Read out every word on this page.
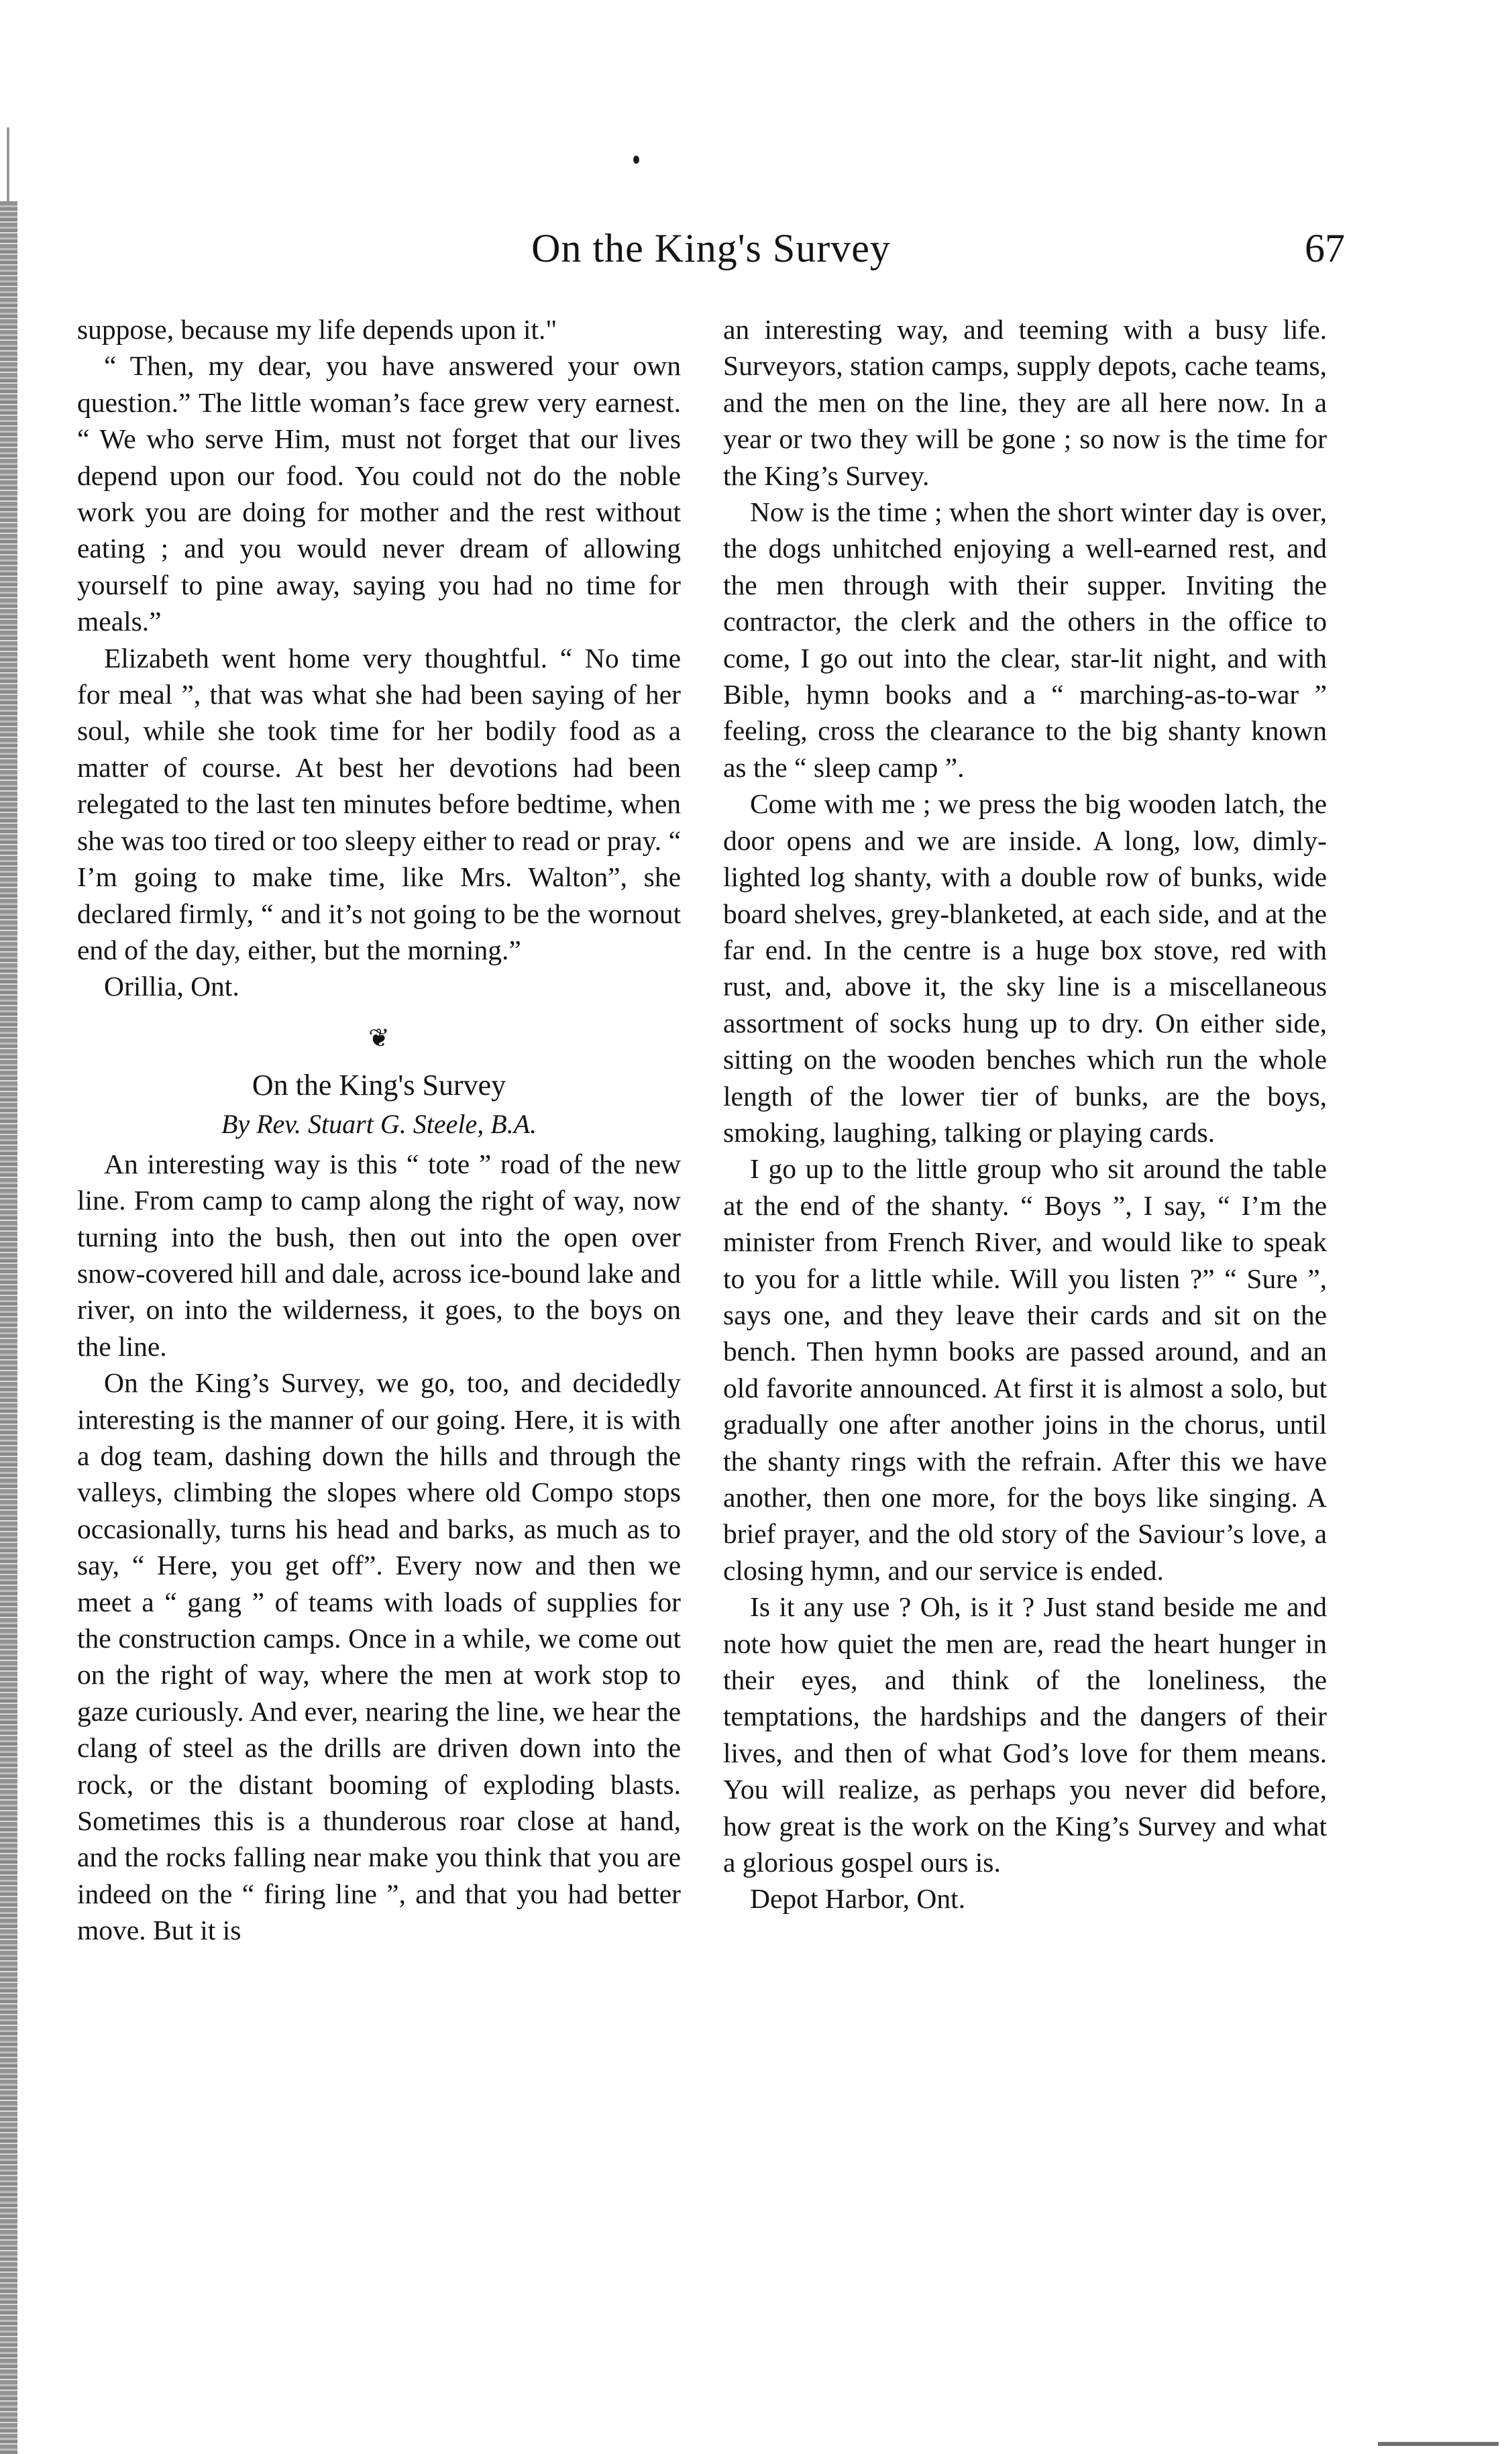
On the King's Survey	67

suppose, because my life depends upon it."

“ Then, my dear, you have answered your own question.” The little woman’s face grew very earnest. “ We who serve Him, must not forget that our lives depend upon our food. You could not do the noble work you are doing for mother and the rest without eating ; and you would never dream of allowing yourself to pine away, saying you had no time for meals.”

Elizabeth went home very thoughtful. “ No time for meal ”, that was what she had been saying of her soul, while she took time for her bodily food as a matter of course. At best her devotions had been relegated to the last ten minutes before bedtime, when she was too tired or too sleepy either to read or pray. “ I’m going to make time, like Mrs. Walton”, she declared firmly, “ and it’s not going to be the wornout end of the day, either, but the morning.”

Orillia, Ont.

❦
On the King's Survey
By Rev. Stuart G. Steele, B.A.

An interesting way is this “ tote ” road of the new line. From camp to camp along the right of way, now turning into the bush, then out into the open over snow-covered hill and dale, across ice-bound lake and river, on into the wilderness, it goes, to the boys on the line.

On the King’s Survey, we go, too, and decidedly interesting is the manner of our going. Here, it is with a dog team, dashing down the hills and through the valleys, climbing the slopes where old Compo stops occasionally, turns his head and barks, as much as to say, “ Here, you get off”. Every now and then we meet a “ gang ” of teams with loads of supplies for the construction camps. Once in a while, we come out on the right of way, where the men at work stop to gaze curiously. And ever, nearing the line, we hear the clang of steel as the drills are driven down into the rock, or the distant booming of exploding blasts. Sometimes this is a thunderous roar close at hand, and the rocks falling near make you think that you are indeed on the “ firing line ”, and that you had better move. But it is

an interesting way, and teeming with a busy life. Surveyors, station camps, supply depots, cache teams, and the men on the line, they are all here now. In a year or two they will be gone ; so now is the time for the King’s Survey.

Now is the time ; when the short winter day is over, the dogs unhitched enjoying a well-earned rest, and the men through with their supper. Inviting the contractor, the clerk and the others in the office to come, I go out into the clear, star-lit night, and with Bible, hymn books and a “ marching-as-to-war ” feeling, cross the clearance to the big shanty known as the “ sleep camp ”.

Come with me ; we press the big wooden latch, the door opens and we are inside. A long, low, dimly-lighted log shanty, with a double row of bunks, wide board shelves, grey-blanketed, at each side, and at the far end. In the centre is a huge box stove, red with rust, and, above it, the sky line is a miscellaneous assortment of socks hung up to dry. On either side, sitting on the wooden benches which run the whole length of the lower tier of bunks, are the boys, smoking, laughing, talking or playing cards.

I go up to the little group who sit around the table at the end of the shanty. “ Boys ”, I say, “ I’m the minister from French River, and would like to speak to you for a little while. Will you listen ?” “ Sure ”, says one, and they leave their cards and sit on the bench. Then hymn books are passed around, and an old favorite announced. At first it is almost a solo, but gradually one after another joins in the chorus, until the shanty rings with the refrain. After this we have another, then one more, for the boys like singing. A brief prayer, and the old story of the Saviour’s love, a closing hymn, and our service is ended.

Is it any use ? Oh, is it ? Just stand beside me and note how quiet the men are, read the heart hunger in their eyes, and think of the loneliness, the temptations, the hardships and the dangers of their lives, and then of what God’s love for them means. You will realize, as perhaps you never did before, how great is the work on the King’s Survey and what a glorious gospel ours is.

Depot Harbor, Ont.
